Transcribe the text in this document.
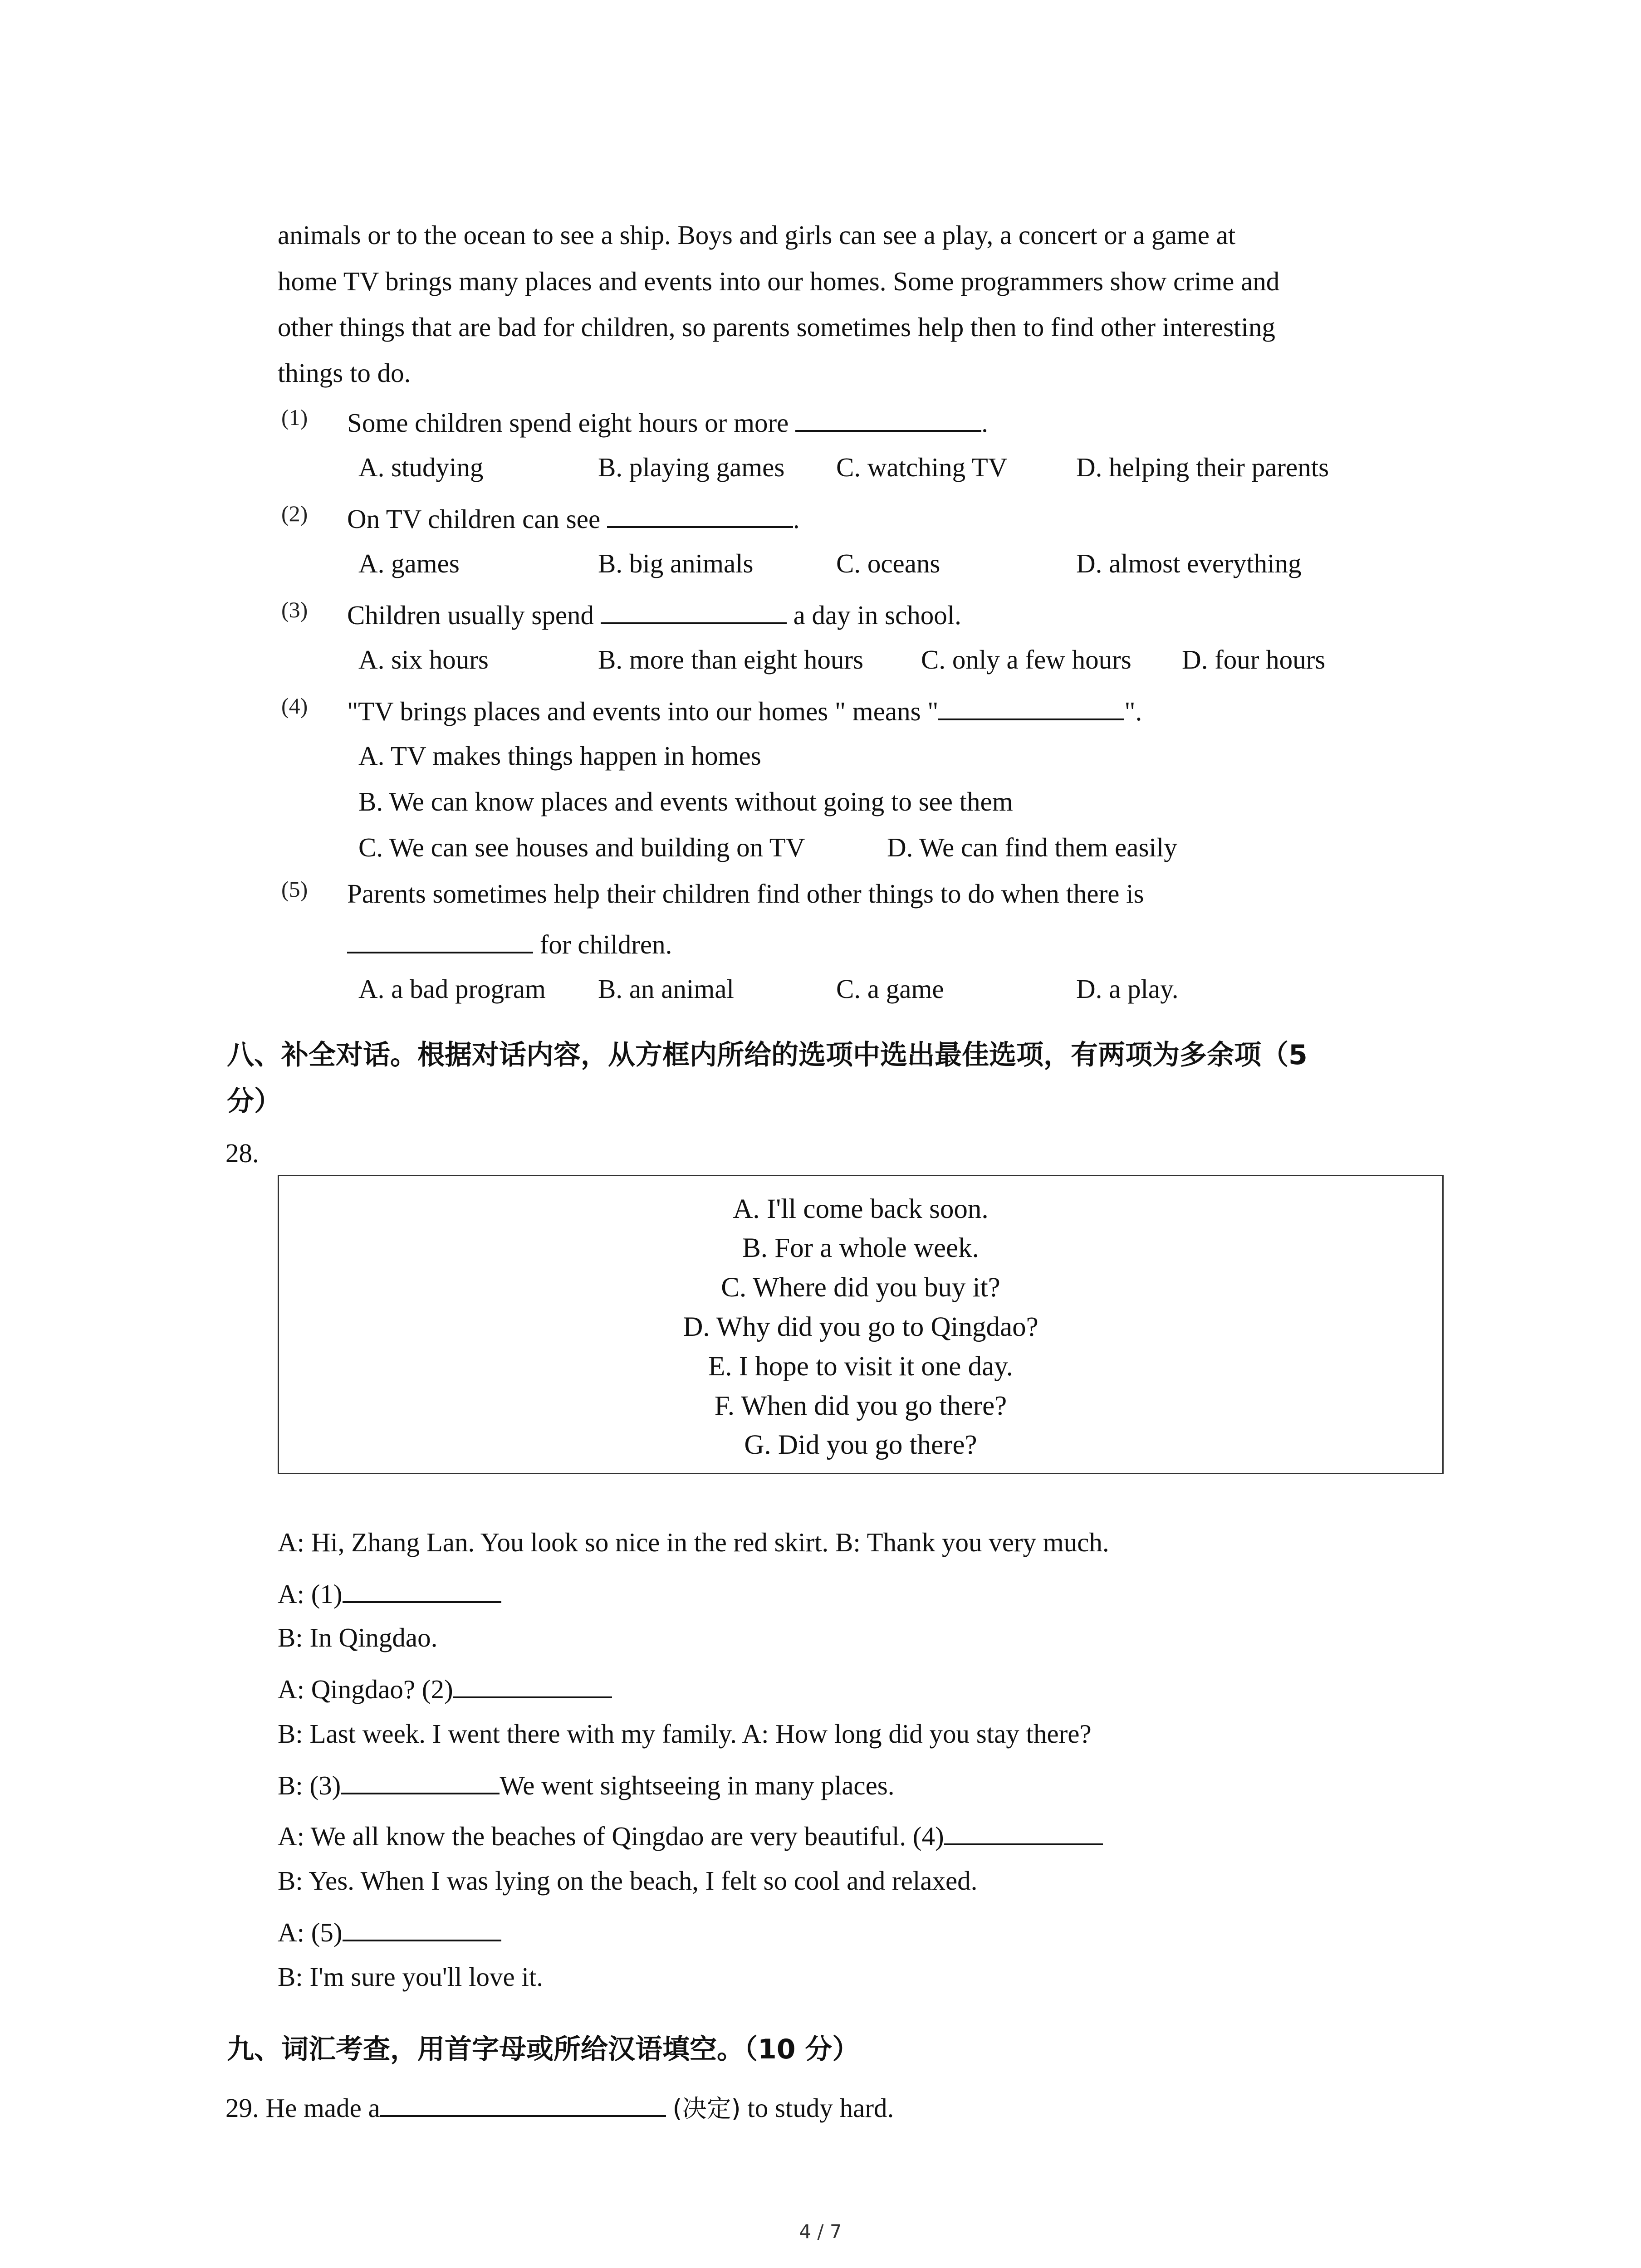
animals or to the ocean to see a ship. Boys and girls can see a play, a concert or a game at
home TV brings many places and events into our homes. Some programmers show crime and
other things that are bad for children, so parents sometimes help then to find other interesting
things to do.
(1) Some children spend eight hours or more	.
A. studying	B. playing games C. watching TV	D. helping their parents
(2) On TV children can see	.
A. games	B. big animals	C. oceans	D. almost everything
(3) Children usually spend	a day in school.
A. six hours	B. more than eight hours C. only a few hours D. four hours
(4) "TV brings places and events into our homes " means "	".
A. TV makes things happen in homes
B. We can know places and events without going to see them
C. We can see houses and building on TV	D. We can find them easily
(5) Parents sometimes help their children find other things to do when there is
for children.
A. a bad program B. an animal	C. a game	D. a play.
八、补全对话。根据对话内容，从方框内所给的选项中选出最佳选项，有两项为多余项（5
分）
28.
A. I'll come back soon.
B. For a whole week.
C. Where did you buy it?
D. Why did you go to Qingdao?
E. I hope to visit it one day.
F. When did you go there?
G. Did you go there?
A: Hi, Zhang Lan. You look so nice in the red skirt. B: Thank you very much.
A: (1)
B: In Qingdao.
A: Qingdao? (2)
B: Last week. I went there with my family. A: How long did you stay there?
B: (3)	We went sightseeing in many places.
A: We all know the beaches of Qingdao are very beautiful. (4)
B: Yes. When I was lying on the beach, I felt so cool and relaxed.
A: (5)
B: I'm sure you'll love it.
九、词汇考查，用首字母或所给汉语填空。（10 分）
29. He made a	(决定) to study hard.
4 / 7
